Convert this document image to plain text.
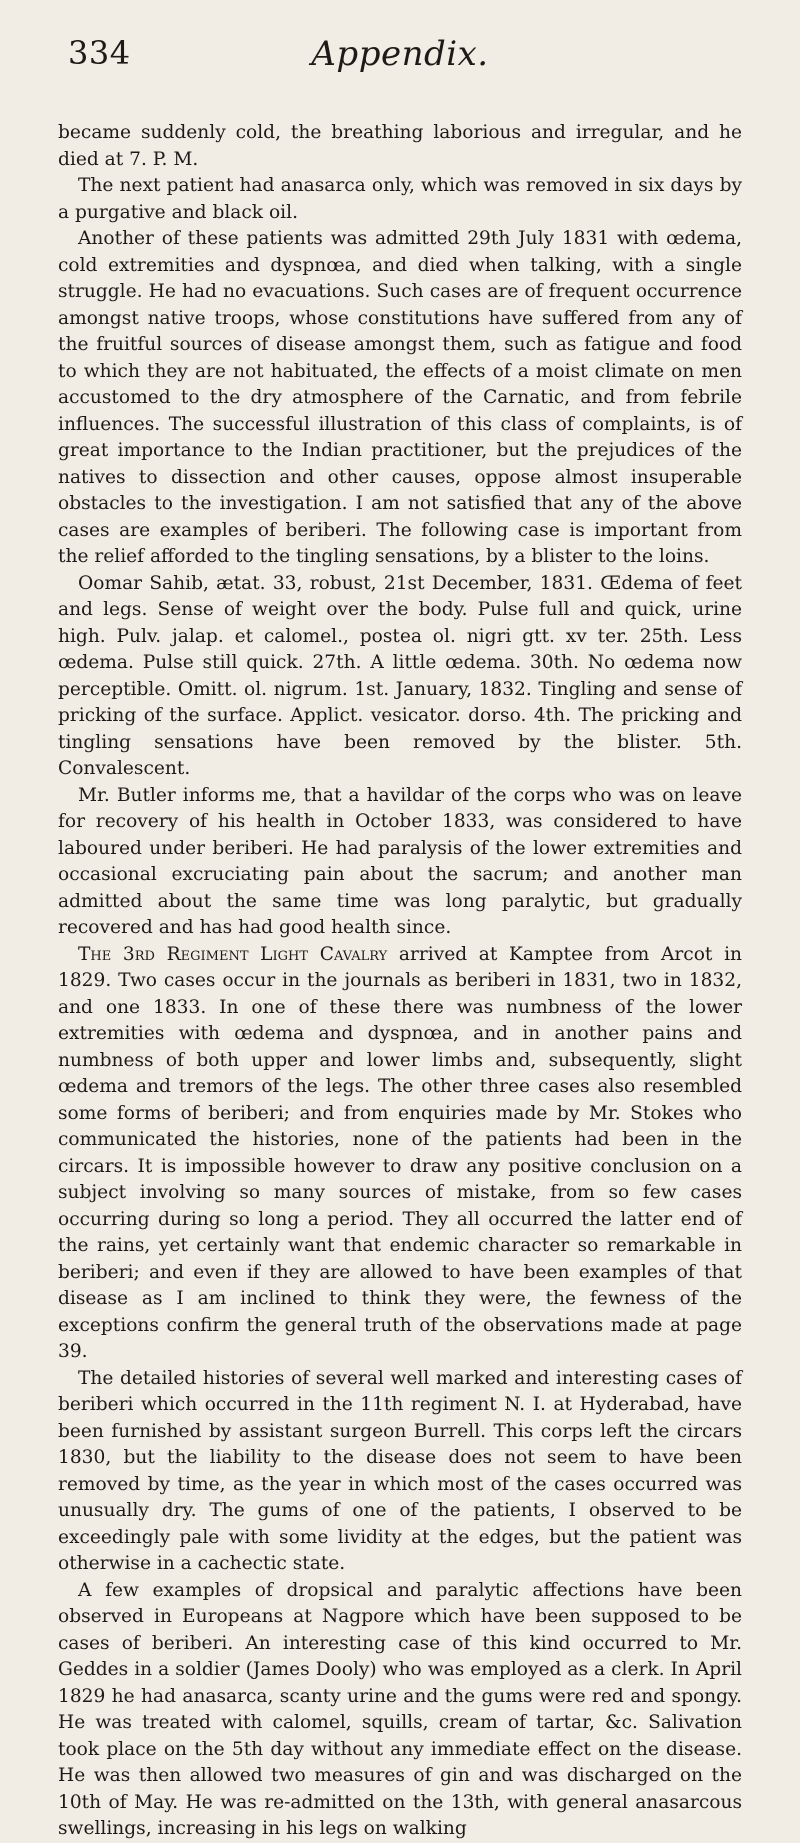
334	Appendix.

became suddenly cold, the breathing laborious and irregular, and he died at 7. P. M.

The next patient had anasarca only, which was removed in six days by a purgative and black oil.

Another of these patients was admitted 29th July 1831 with œdema, cold extremities and dyspnœa, and died when talking, with a single struggle. He had no evacuations. Such cases are of frequent occurrence amongst native troops, whose constitutions have suffered from any of the fruitful sources of disease amongst them, such as fatigue and food to which they are not habituated, the effects of a moist climate on men accustomed to the dry atmosphere of the Carnatic, and from febrile influences. The successful illustration of this class of complaints, is of great importance to the Indian practitioner, but the prejudices of the natives to dissection and other causes, oppose almost insuperable obstacles to the investigation. I am not satisfied that any of the above cases are examples of beriberi. The following case is important from the relief afforded to the tingling sensations, by a blister to the loins.

Oomar Sahib, ætat. 33, robust, 21st December, 1831. Œdema of feet and legs. Sense of weight over the body. Pulse full and quick, urine high. Pulv. jalap. et calomel., postea ol. nigri gtt. xv ter. 25th. Less œdema. Pulse still quick. 27th. A little œdema. 30th. No œdema now perceptible. Omitt. ol. nigrum. 1st. January, 1832. Tingling and sense of pricking of the surface. Applict. vesicator. dorso. 4th. The pricking and tingling sensations have been removed by the blister. 5th. Convalescent.

Mr. Butler informs me, that a havildar of the corps who was on leave for recovery of his health in October 1833, was considered to have laboured under beriberi. He had paralysis of the lower extremities and occasional excruciating pain about the sacrum; and another man admitted about the same time was long paralytic, but gradually recovered and has had good health since.

The 3rd Regiment Light Cavalry arrived at Kamptee from Arcot in 1829. Two cases occur in the journals as beriberi in 1831, two in 1832, and one 1833. In one of these there was numbness of the lower extremities with œdema and dyspnœa, and in another pains and numbness of both upper and lower limbs and, subsequently, slight œdema and tremors of the legs. The other three cases also resembled some forms of beriberi; and from enquiries made by Mr. Stokes who communicated the histories, none of the patients had been in the circars. It is impossible however to draw any positive conclusion on a subject involving so many sources of mistake, from so few cases occurring during so long a period. They all occurred the latter end of the rains, yet certainly want that endemic character so remarkable in beriberi; and even if they are allowed to have been examples of that disease as I am inclined to think they were, the fewness of the exceptions confirm the general truth of the observations made at page 39.

The detailed histories of several well marked and interesting cases of beriberi which occurred in the 11th regiment N. I. at Hyderabad, have been furnished by assistant surgeon Burrell. This corps left the circars 1830, but the liability to the disease does not seem to have been removed by time, as the year in which most of the cases occurred was unusually dry. The gums of one of the patients, I observed to be exceedingly pale with some lividity at the edges, but the patient was otherwise in a cachectic state.

A few examples of dropsical and paralytic affections have been observed in Europeans at Nagpore which have been supposed to be cases of beriberi. An interesting case of this kind occurred to Mr. Geddes in a soldier (James Dooly) who was employed as a clerk. In April 1829 he had anasarca, scanty urine and the gums were red and spongy. He was treated with calomel, squills, cream of tartar, &c. Salivation took place on the 5th day without any immediate effect on the disease. He was then allowed two measures of gin and was discharged on the 10th of May. He was re-admitted on the 13th, with general anasarcous swellings, increasing in his legs on walking
